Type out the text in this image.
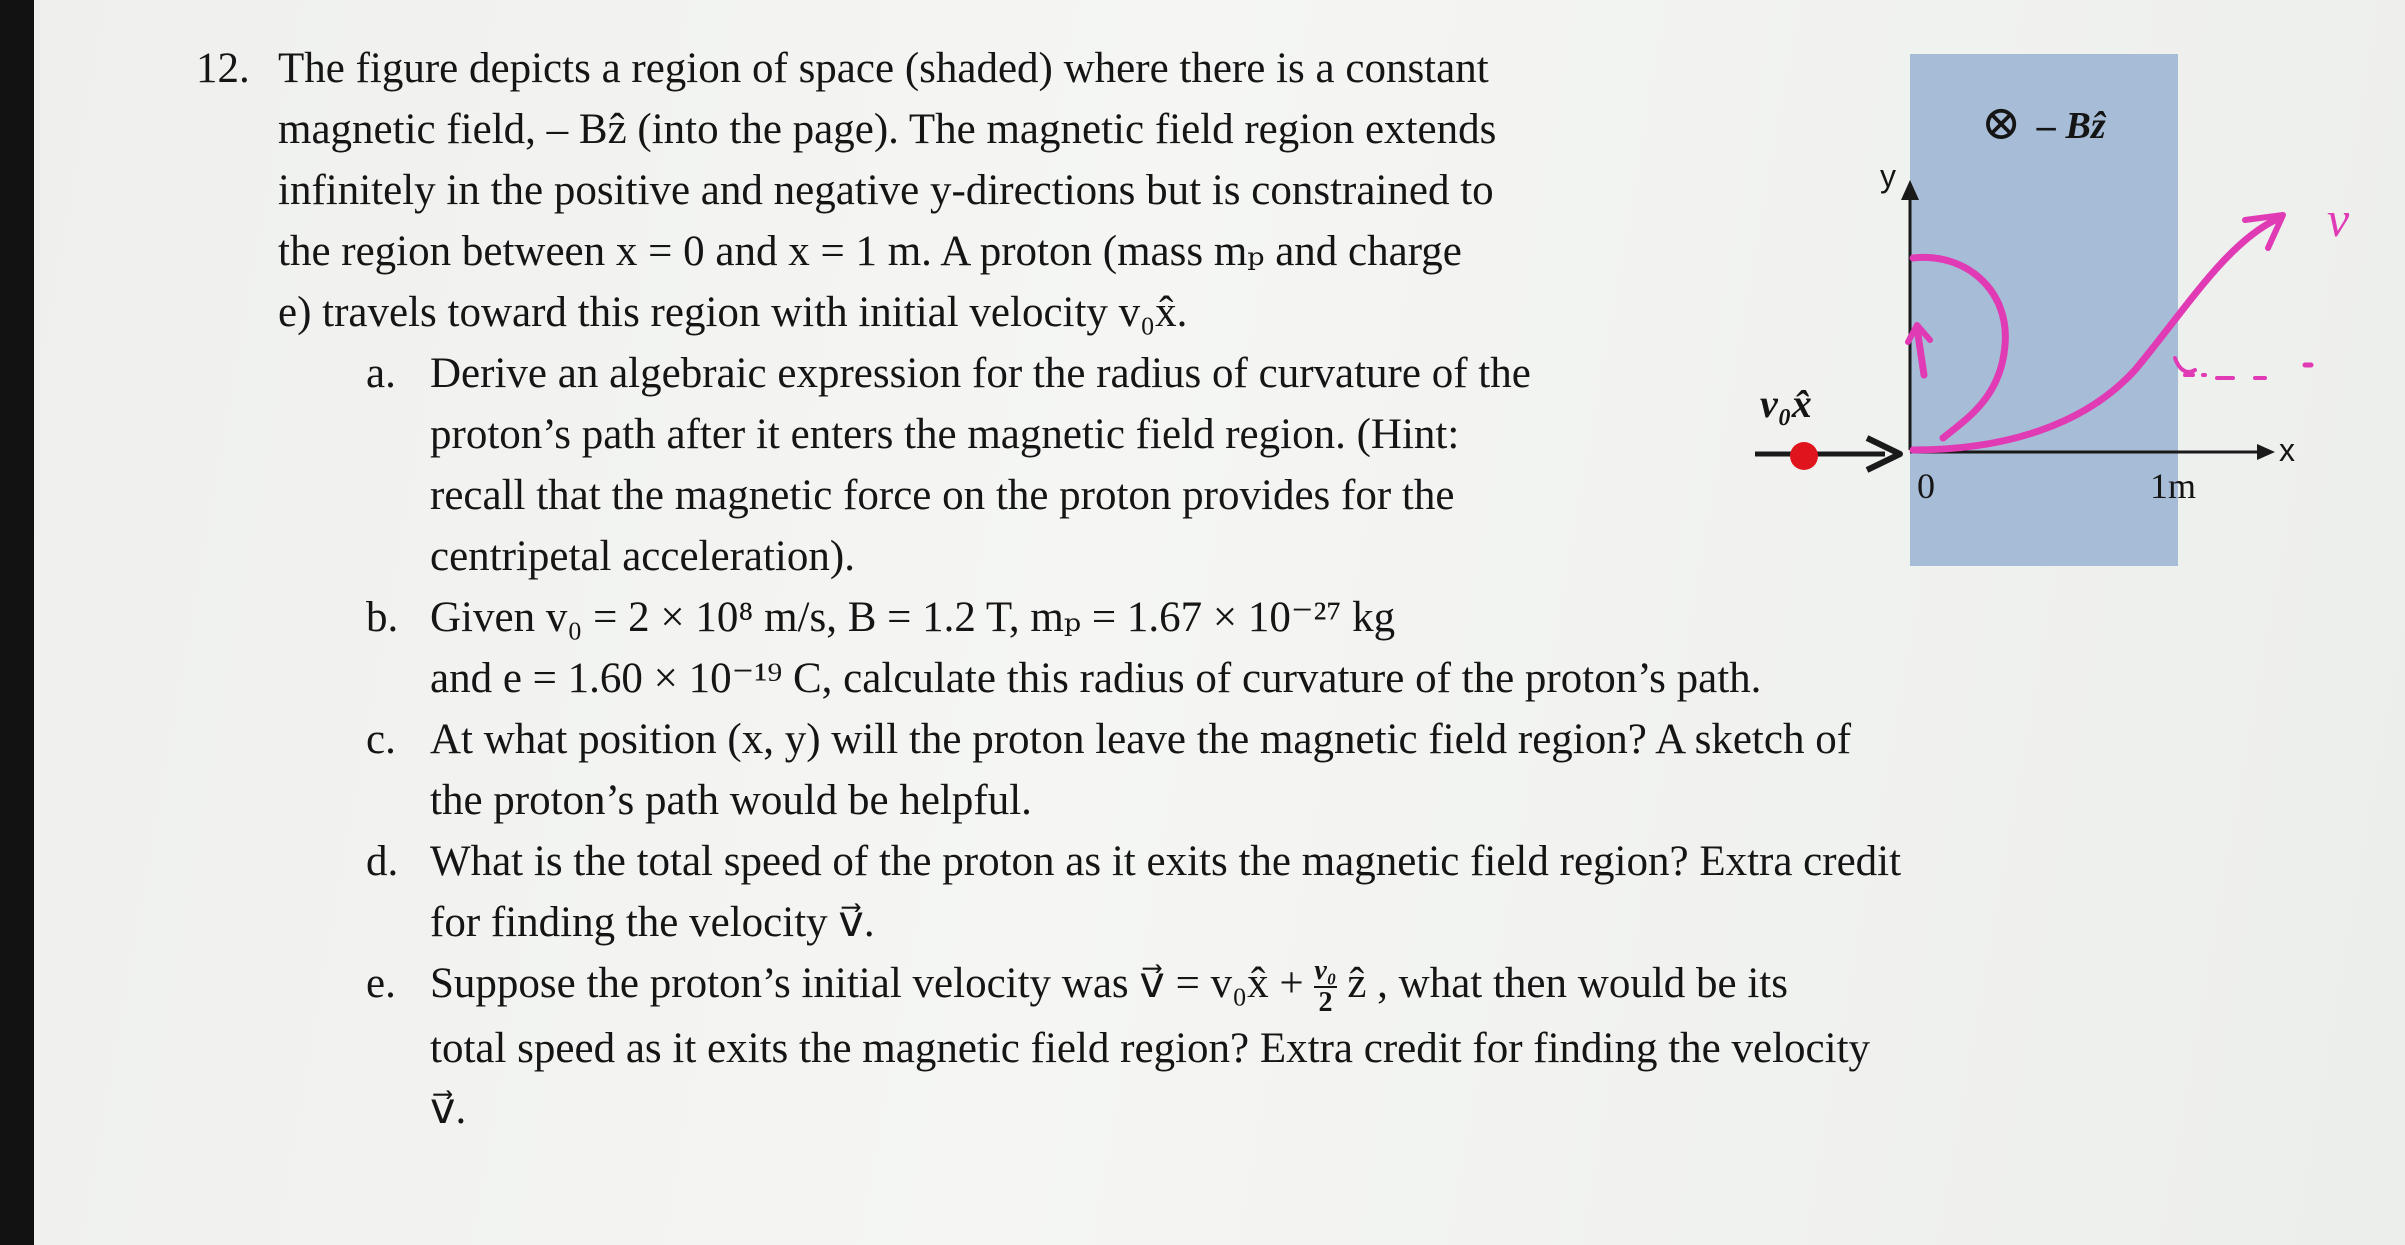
12. The figure depicts a region of space (shaded) where there is a constant
magnetic field, – Bẑ (into the page). The magnetic field region extends
infinitely in the positive and negative y-directions but is constrained to
the region between x = 0 and x = 1 m. A proton (mass mₚ and charge
e) travels toward this region with initial velocity v₀x̂.
a. Derive an algebraic expression for the radius of curvature of the
proton’s path after it enters the magnetic field region. (Hint:
recall that the magnetic force on the proton provides for the
centripetal acceleration).
b. Given v₀ = 2 × 10⁸ m/s, B = 1.2 T, mₚ = 1.67 × 10⁻²⁷ kg
and e = 1.60 × 10⁻¹⁹ C, calculate this radius of curvature of the proton’s path.
c. At what position (x, y) will the proton leave the magnetic field region? A sketch of
the proton’s path would be helpful.
d. What is the total speed of the proton as it exits the magnetic field region? Extra credit
for finding the velocity v⃗.
e. Suppose the proton’s initial velocity was v⃗ = v₀x̂ + $\frac{\text{v₀}}{2}$ ẑ , what then would be its
total speed as it exits the magnetic field region? Extra credit for finding the velocity
v⃗.
⊗ – Bẑ
y
x
0	1m
v₀x̂
v⃗
